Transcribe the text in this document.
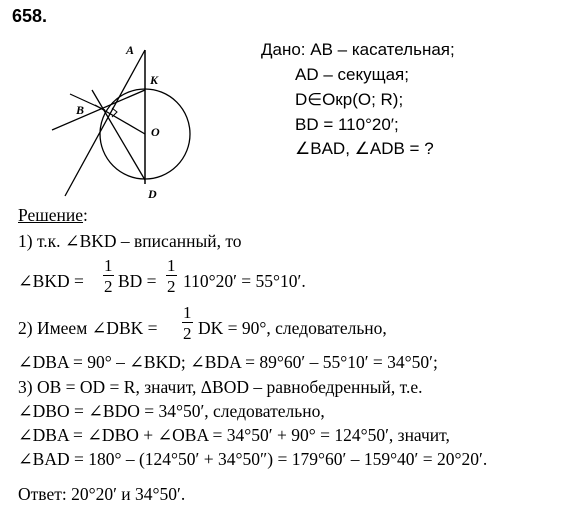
658.
A
K
B
O
D
Дано: AB – касательная;
AD – секущая;
D∈Окр(O; R);
BD = 110°20′;
∠BAD, ∠ADB = ?
Решение:
1) т.к. ∠BKD – вписанный, то
∠BKD = $\frac{1}{2}$ BD = $\frac{1}{2} 110^\circ 20' = 55^\circ 10'$.
2) Имеем ∠DBK = $\frac{1}{2}$ DK = 90°, следовательно,
∠DBA = 90° – ∠BKD; ∠BDA = 89°60′ – 55°10′ = 34°50′;
3) OB = OD = R, значит, ΔBOD – равнобедренный, т.е.
∠DBO = ∠BDO = 34°50′, следовательно,
∠DBA = ∠DBO + ∠OBA = 34°50′ + 90° = 124°50′, значит,
∠BAD = 180° – (124°50′ + 34°50″) = 179°60′ – 159°40′ = 20°20′.
Ответ: 20°20′ и 34°50′.
